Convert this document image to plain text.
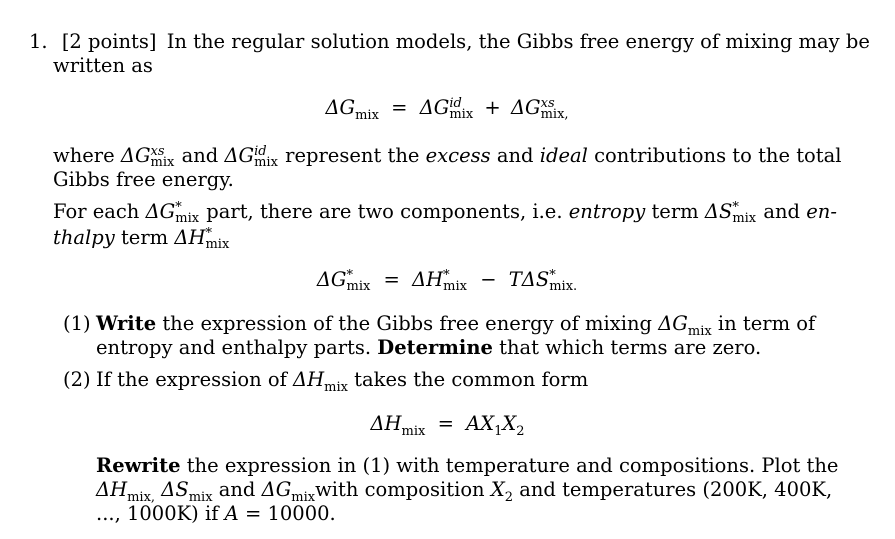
1. [2 points] In the regular solution models, the Gibbs free energy of mixing may be
written as
$\Delta G_{mix} = \Delta G$ id
mix + ΔG xs
mix,
where ΔG xs
mix and ΔG id
mix represent the excess and ideal contributions to the total
Gibbs free energy.
For each ΔG *
mix part, there are two components, i.e. entropy term ΔS *
mix and en-
thalpy term ΔH *
mix
ΔG *
mix = ΔH *
mix − TΔS *
mix.
(1) Write the expression of the Gibbs free energy of mixing $\Delta G_{mix}$ in term of
entropy and enthalpy parts. Determine that which terms are zero.
(2) If the expression of $\Delta H_{mix}$ takes the common form
$\Delta H_{mix} = AX_1X_2$
Rewrite the expression in (1) with temperature and compositions. Plot the
$\Delta H_{mix,}$ $\Delta S_{mix}$ and $\Delta G_{mix}with$ composition $X_2$ and temperatures (200K, 400K,
..., 1000K) if A = 10000.
